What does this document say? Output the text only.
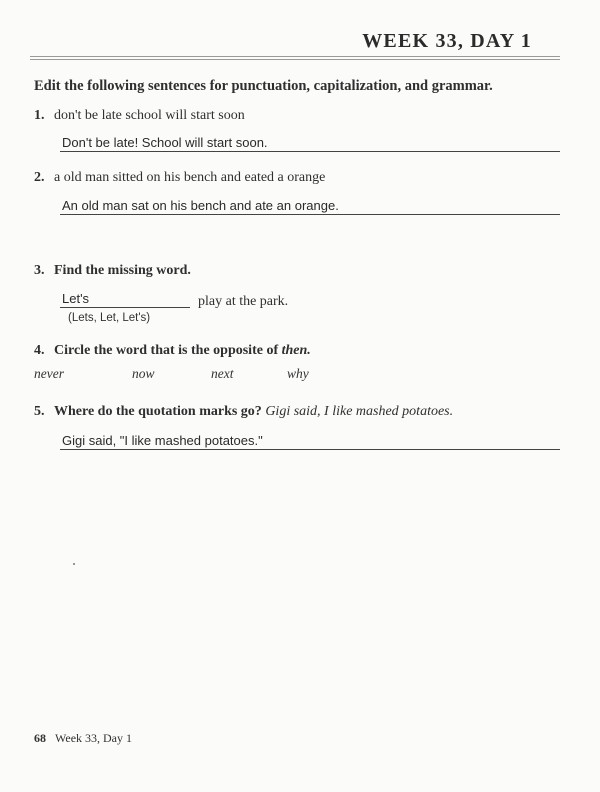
WEEK 33, DAY 1
Edit the following sentences for punctuation, capitalization, and grammar.
1. don't be late school will start soon
Don't be late! School will start soon.
2. a old man sitted on his bench and eated a orange
An old man sat on his bench and ate an orange.
3. Find the missing word.
Let's	play at the park.
(Lets, Let, Let's)
4. Circle the word that is the opposite of then.
never	now	next	why
5. Where do the quotation marks go? Gigi said, I like mashed potatoes.
Gigi said, "I like mashed potatoes."
68 Week 33, Day 1
